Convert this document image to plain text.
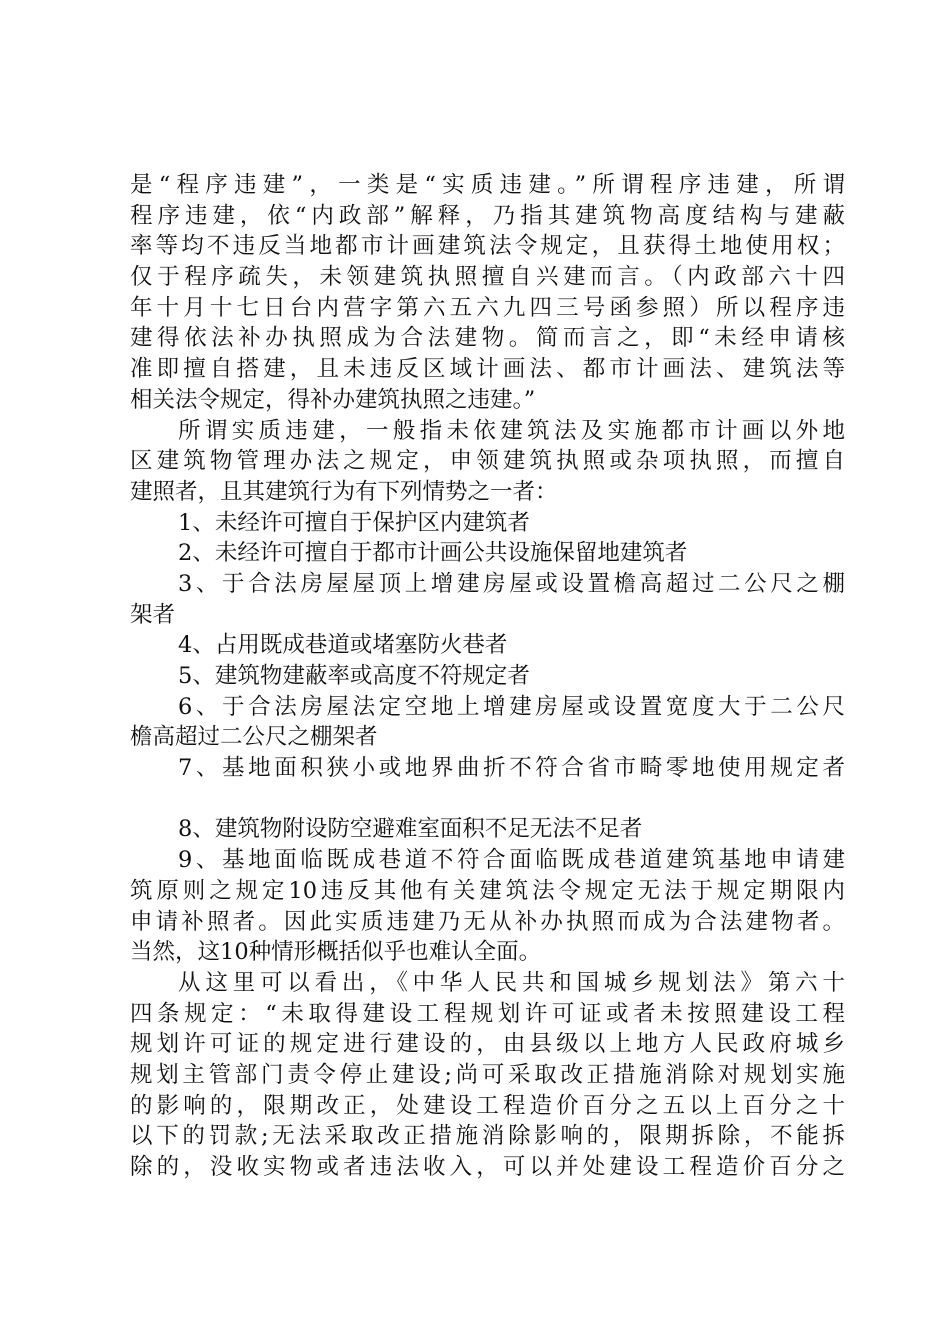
是“程序违建”，一类是“实质违建。”所谓程序违建，所谓
程序违建，依“内政部”解释，乃指其建筑物高度结构与建蔽
率等均不违反当地都市计画建筑法令规定，且获得土地使用权；
仅于程序疏失，未领建筑执照擅自兴建而言。（内政部六十四
年十月十七日台内营字第六五六九四三号函参照）所以程序违
建得依法补办执照成为合法建物。简而言之，即“未经申请核
准即擅自搭建，且未违反区域计画法、都市计画法、建筑法等
相关法令规定，得补办建筑执照之违建。”
所谓实质违建，一般指未依建筑法及实施都市计画以外地
区建筑物管理办法之规定，申领建筑执照或杂项执照，而擅自
建照者，且其建筑行为有下列情势之一者：
1、未经许可擅自于保护区内建筑者
2、未经许可擅自于都市计画公共设施保留地建筑者
3、于合法房屋屋顶上增建房屋或设置檐高超过二公尺之棚
架者
4、占用既成巷道或堵塞防火巷者
5、建筑物建蔽率或高度不符规定者
6、于合法房屋法定空地上增建房屋或设置宽度大于二公尺
檐高超过二公尺之棚架者
7、基地面积狭小或地界曲折不符合省市畸零地使用规定者
8、建筑物附设防空避难室面积不足无法不足者
9、基地面临既成巷道不符合面临既成巷道建筑基地申请建
筑原则之规定10违反其他有关建筑法令规定无法于规定期限内
申请补照者。因此实质违建乃无从补办执照而成为合法建物者。
当然，这10种情形概括似乎也难认全面。
从这里可以看出，《中华人民共和国城乡规划法》第六十
四条规定：“未取得建设工程规划许可证或者未按照建设工程
规划许可证的规定进行建设的，由县级以上地方人民政府城乡
规划主管部门责令停止建设;尚可采取改正措施消除对规划实施
的影响的，限期改正，处建设工程造价百分之五以上百分之十
以下的罚款;无法采取改正措施消除影响的，限期拆除，不能拆
除的，没收实物或者违法收入，可以并处建设工程造价百分之
